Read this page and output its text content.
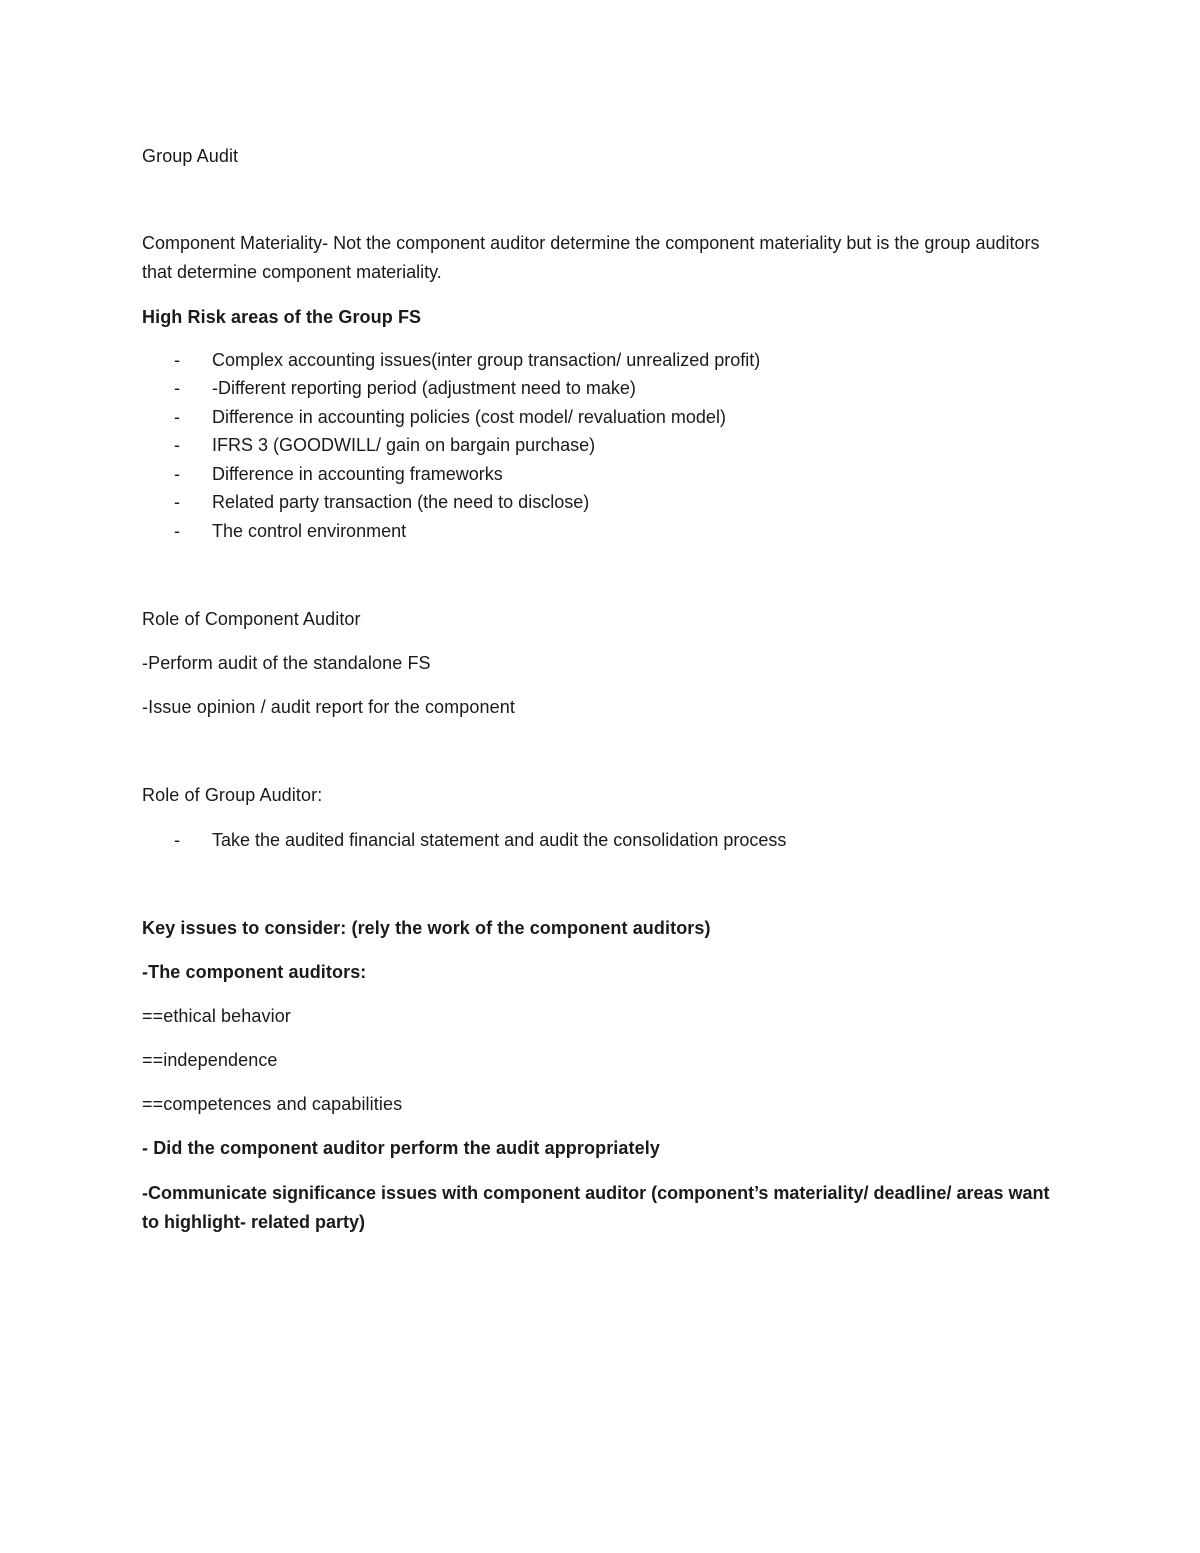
Group Audit
Component Materiality- Not the component auditor determine the component materiality but is the group auditors that determine component materiality.
High Risk areas of the Group FS
- Complex accounting issues(inter group transaction/ unrealized profit)
- -Different reporting period (adjustment need to make)
- Difference in accounting policies (cost model/ revaluation model)
- IFRS 3 (GOODWILL/ gain on bargain purchase)
- Difference in accounting frameworks
- Related party transaction (the need to disclose)
- The control environment
Role of Component Auditor
-Perform audit of the standalone FS
-Issue opinion / audit report for the component
Role of Group Auditor:
- Take the audited financial statement and audit the consolidation process
Key issues to consider: (rely the work of the component auditors)
-The component auditors:
==ethical behavior
==independence
==competences and capabilities
- Did the component auditor perform the audit appropriately
-Communicate significance issues with component auditor (component’s materiality/ deadline/ areas want to highlight- related party)
